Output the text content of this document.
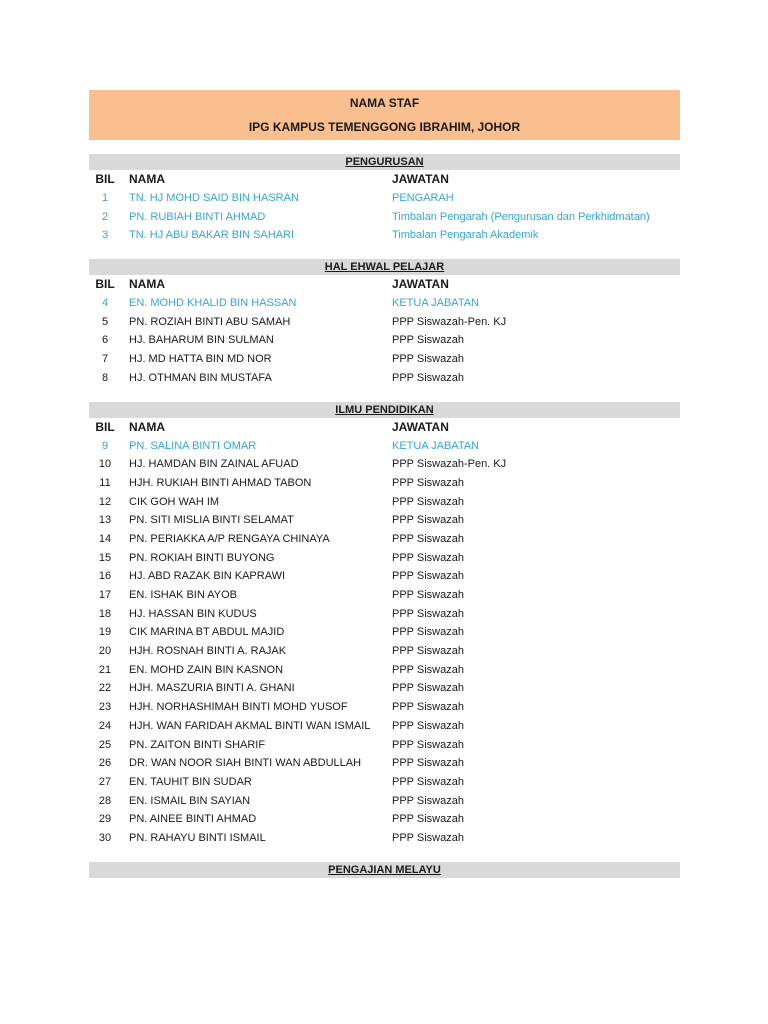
NAMA STAF
IPG KAMPUS TEMENGGONG IBRAHIM, JOHOR
PENGURUSAN
BIL	NAMA	JAWATAN
1	TN. HJ MOHD SAID BIN HASRAN	PENGARAH
2	PN. RUBIAH BINTI AHMAD	Timbalan Pengarah (Pengurusan dan Perkhidmatan)
3	TN. HJ ABU BAKAR BIN SAHARI	Timbalan Pengarah Akademik
HAL EHWAL PELAJAR
BIL	NAMA	JAWATAN
4	EN. MOHD KHALID BIN HASSAN	KETUA JABATAN
5	PN. ROZIAH BINTI ABU SAMAH	PPP Siswazah-Pen. KJ
6	HJ. BAHARUM BIN SULMAN	PPP Siswazah
7	HJ. MD HATTA BIN MD NOR	PPP Siswazah
8	HJ. OTHMAN BIN MUSTAFA	PPP Siswazah
ILMU PENDIDIKAN
BIL	NAMA	JAWATAN
9	PN. SALINA BINTI OMAR	KETUA JABATAN
10	HJ. HAMDAN BIN ZAINAL AFUAD	PPP Siswazah-Pen. KJ
11	HJH. RUKIAH BINTI AHMAD TABON	PPP Siswazah
12	CIK GOH WAH IM	PPP Siswazah
13	PN. SITI MISLIA BINTI SELAMAT	PPP Siswazah
14	PN. PERIAKKA A/P RENGAYA CHINAYA	PPP Siswazah
15	PN. ROKIAH BINTI BUYONG	PPP Siswazah
16	HJ. ABD RAZAK BIN KAPRAWI	PPP Siswazah
17	EN. ISHAK BIN AYOB	PPP Siswazah
18	HJ. HASSAN BIN KUDUS	PPP Siswazah
19	CIK MARINA BT ABDUL MAJID	PPP Siswazah
20	HJH. ROSNAH BINTI A. RAJAK	PPP Siswazah
21	EN. MOHD ZAIN BIN KASNON	PPP Siswazah
22	HJH. MASZURIA BINTI A. GHANI	PPP Siswazah
23	HJH. NORHASHIMAH BINTI MOHD YUSOF	PPP Siswazah
24	HJH. WAN FARIDAH AKMAL BINTI WAN ISMAIL PPP Siswazah
25	PN. ZAITON BINTI SHARIF	PPP Siswazah
26	DR. WAN NOOR SIAH BINTI WAN ABDULLAH	PPP Siswazah
27	EN. TAUHIT BIN SUDAR	PPP Siswazah
28	EN. ISMAIL BIN SAYIAN	PPP Siswazah
29	PN. AINEE BINTI AHMAD	PPP Siswazah
30	PN. RAHAYU BINTI ISMAIL	PPP Siswazah
PENGAJIAN MELAYU
